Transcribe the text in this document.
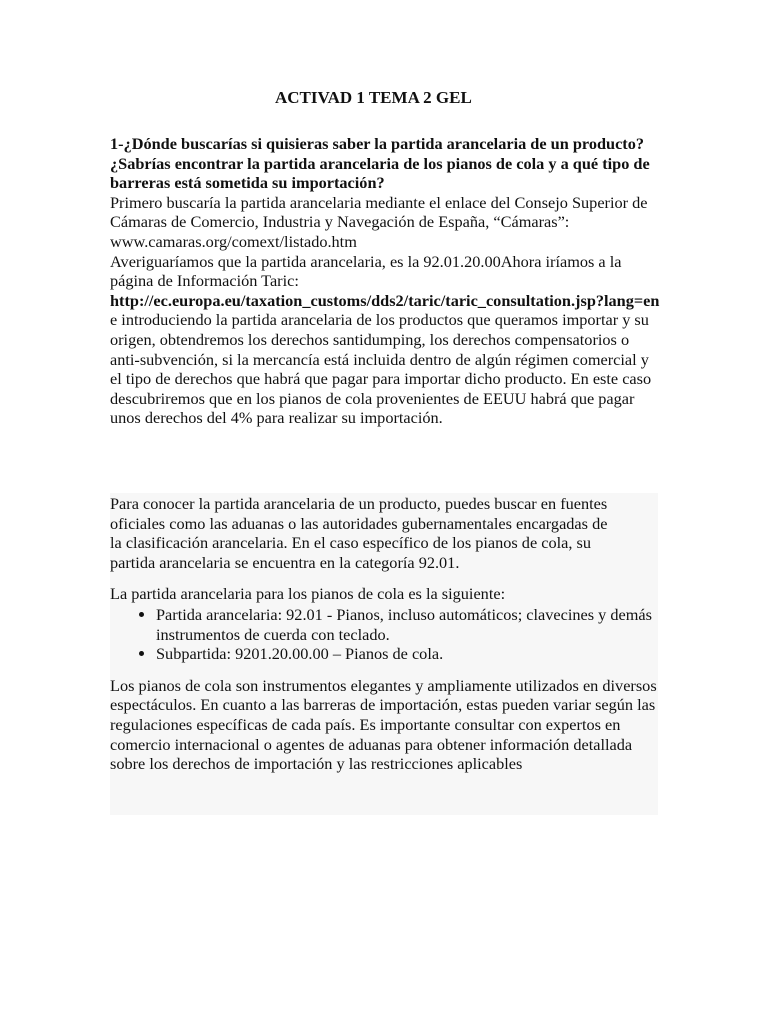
ACTIVAD 1 TEMA 2 GEL

1-¿Dónde buscarías si quisieras saber la partida arancelaria de un producto? ¿Sabrías encontrar la partida arancelaria de los pianos de cola y a qué tipo de barreras está sometida su importación?

Primero buscaría la partida arancelaria mediante el enlace del Consejo Superior de Cámaras de Comercio, Industria y Navegación de España, “Cámaras”: www.camaras.org/comext/listado.htm

Averiguaríamos que la partida arancelaria, es la 92.01.20.00Ahora iríamos a la página de Información Taric:

http://ec.europa.eu/taxation_customs/dds2/taric/taric_consultation.jsp?lang=en

e introduciendo la partida arancelaria de los productos que queramos importar y su origen, obtendremos los derechos santidumping, los derechos compensatorios o anti-subvención, si la mercancía está incluida dentro de algún régimen comercial y el tipo de derechos que habrá que pagar para importar dicho producto. En este caso descubriremos que en los pianos de cola provenientes de EEUU habrá que pagar unos derechos del 4% para realizar su importación.

Para conocer la partida arancelaria de un producto, puedes buscar en fuentes oficiales como las aduanas o las autoridades gubernamentales encargadas de la clasificación arancelaria. En el caso específico de los pianos de cola, su partida arancelaria se encuentra en la categoría 92.01.

La partida arancelaria para los pianos de cola es la siguiente:

• Partida arancelaria: 92.01 - Pianos, incluso automáticos; clavecines y demás instrumentos de cuerda con teclado.
• Subpartida: 9201.20.00.00 – Pianos de cola.

Los pianos de cola son instrumentos elegantes y ampliamente utilizados en diversos espectáculos. En cuanto a las barreras de importación, estas pueden variar según las regulaciones específicas de cada país. Es importante consultar con expertos en comercio internacional o agentes de aduanas para obtener información detallada sobre los derechos de importación y las restricciones aplicables
